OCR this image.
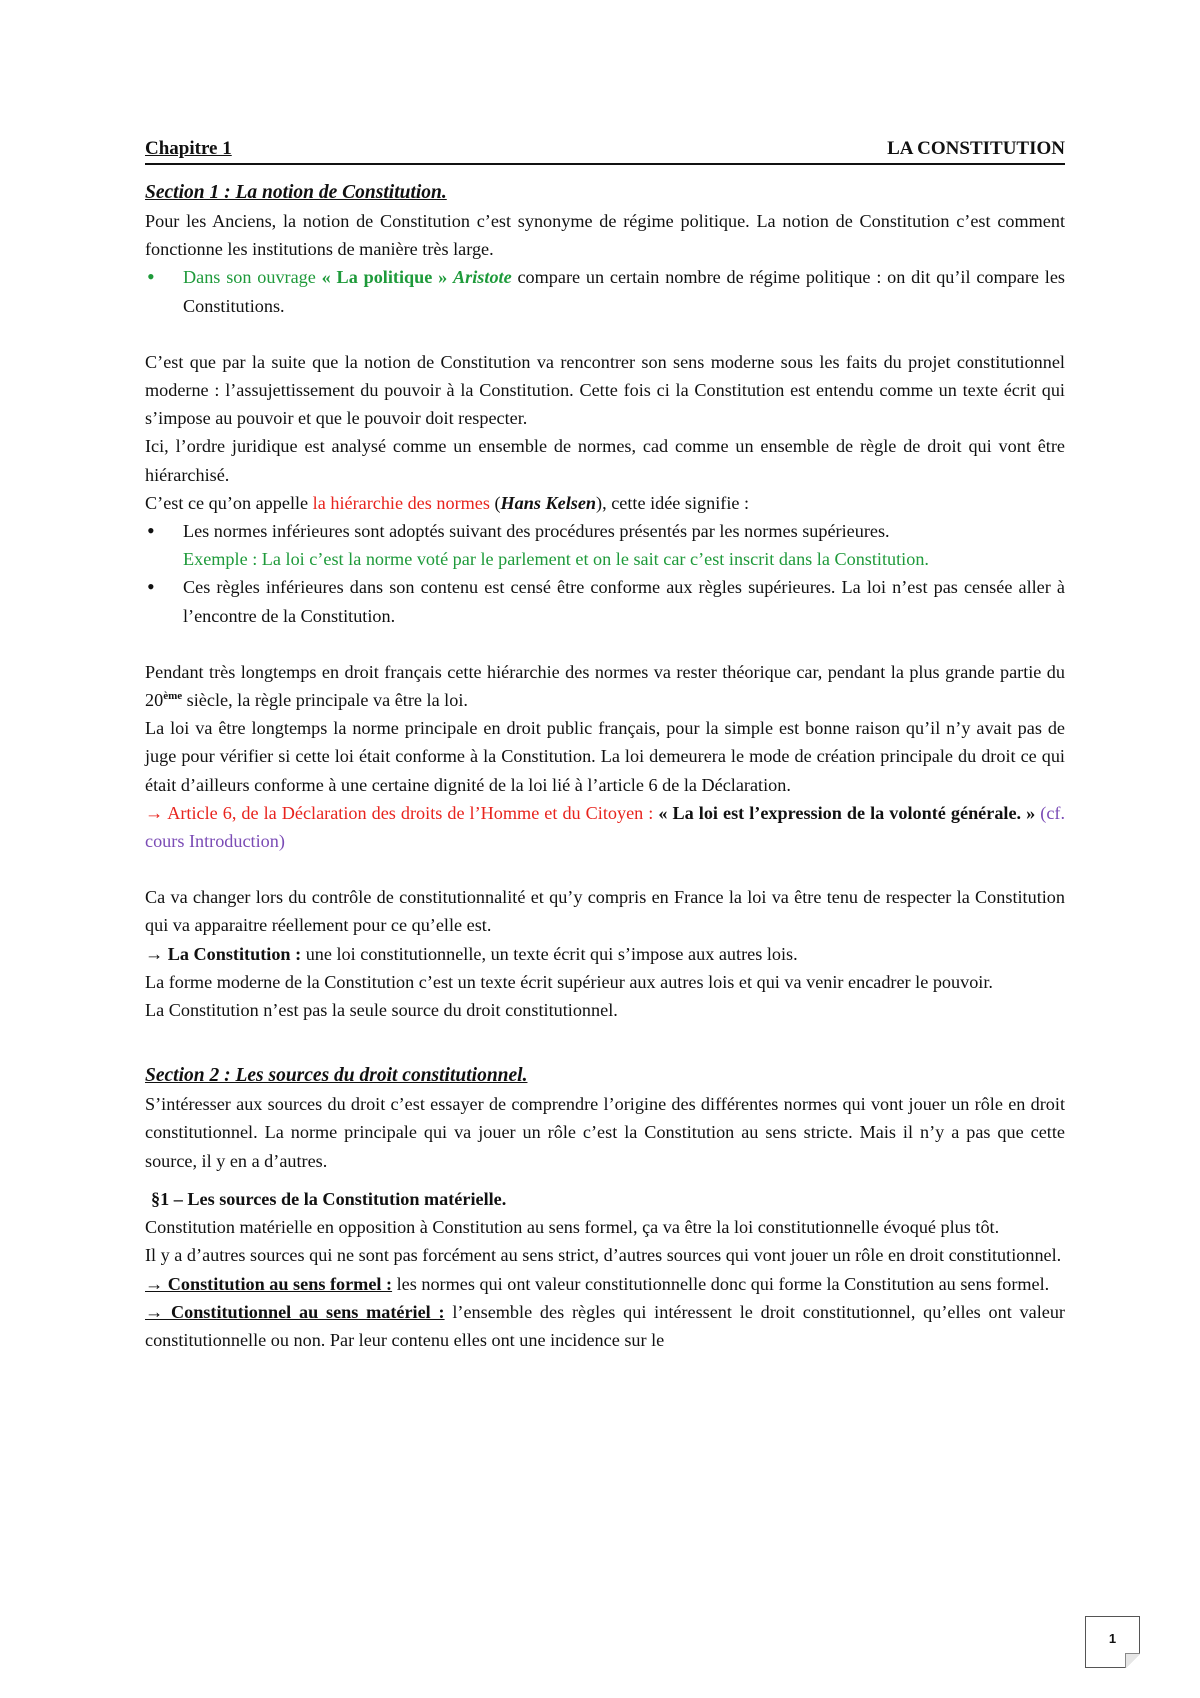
Chapitre 1	LA CONSTITUTION
Section 1 : La notion de Constitution.

Pour les Anciens, la notion de Constitution c’est synonyme de régime politique. La notion de Constitution c’est comment fonctionne les institutions de manière très large.

• Dans son ouvrage « La politique » Aristote compare un certain nombre de régime politique : on dit qu’il compare les Constitutions.

C’est que par la suite que la notion de Constitution va rencontrer son sens moderne sous les faits du projet constitutionnel moderne : l’assujettissement du pouvoir à la Constitution. Cette fois ci la Constitution est entendu comme un texte écrit qui s’impose au pouvoir et que le pouvoir doit respecter.

Ici, l’ordre juridique est analysé comme un ensemble de normes, cad comme un ensemble de règle de droit qui vont être hiérarchisé.

C’est ce qu’on appelle la hiérarchie des normes (Hans Kelsen), cette idée signifie :

• Les normes inférieures sont adoptés suivant des procédures présentés par les normes supérieures.
Exemple : La loi c’est la norme voté par le parlement et on le sait car c’est inscrit dans la Constitution.
• Ces règles inférieures dans son contenu est censé être conforme aux règles supérieures. La loi n’est pas censée aller à l’encontre de la Constitution.

Pendant très longtemps en droit français cette hiérarchie des normes va rester théorique car, pendant la plus grande partie du 20ème siècle, la règle principale va être la loi.

La loi va être longtemps la norme principale en droit public français, pour la simple est bonne raison qu’il n’y avait pas de juge pour vérifier si cette loi était conforme à la Constitution. La loi demeurera le mode de création principale du droit ce qui était d’ailleurs conforme à une certaine dignité de la loi lié à l’article 6 de la Déclaration.

→ Article 6, de la Déclaration des droits de l’Homme et du Citoyen : « La loi est l’expression de la volonté générale. » (cf. cours Introduction)

Ca va changer lors du contrôle de constitutionnalité et qu’y compris en France la loi va être tenu de respecter la Constitution qui va apparaitre réellement pour ce qu’elle est.

→ La Constitution : une loi constitutionnelle, un texte écrit qui s’impose aux autres lois.

La forme moderne de la Constitution c’est un texte écrit supérieur aux autres lois et qui va venir encadrer le pouvoir.

La Constitution n’est pas la seule source du droit constitutionnel.

Section 2 : Les sources du droit constitutionnel.

S’intéresser aux sources du droit c’est essayer de comprendre l’origine des différentes normes qui vont jouer un rôle en droit constitutionnel. La norme principale qui va jouer un rôle c’est la Constitution au sens stricte. Mais il n’y a pas que cette source, il y en a d’autres.

§1 – Les sources de la Constitution matérielle.

Constitution matérielle en opposition à Constitution au sens formel, ça va être la loi constitutionnelle évoqué plus tôt.

Il y a d’autres sources qui ne sont pas forcément au sens strict, d’autres sources qui vont jouer un rôle en droit constitutionnel.

→ Constitution au sens formel : les normes qui ont valeur constitutionnelle donc qui forme la Constitution au sens formel.

→ Constitutionnel au sens matériel : l’ensemble des règles qui intéressent le droit constitutionnel, qu’elles ont valeur constitutionnelle ou non. Par leur contenu elles ont une incidence sur le

1
